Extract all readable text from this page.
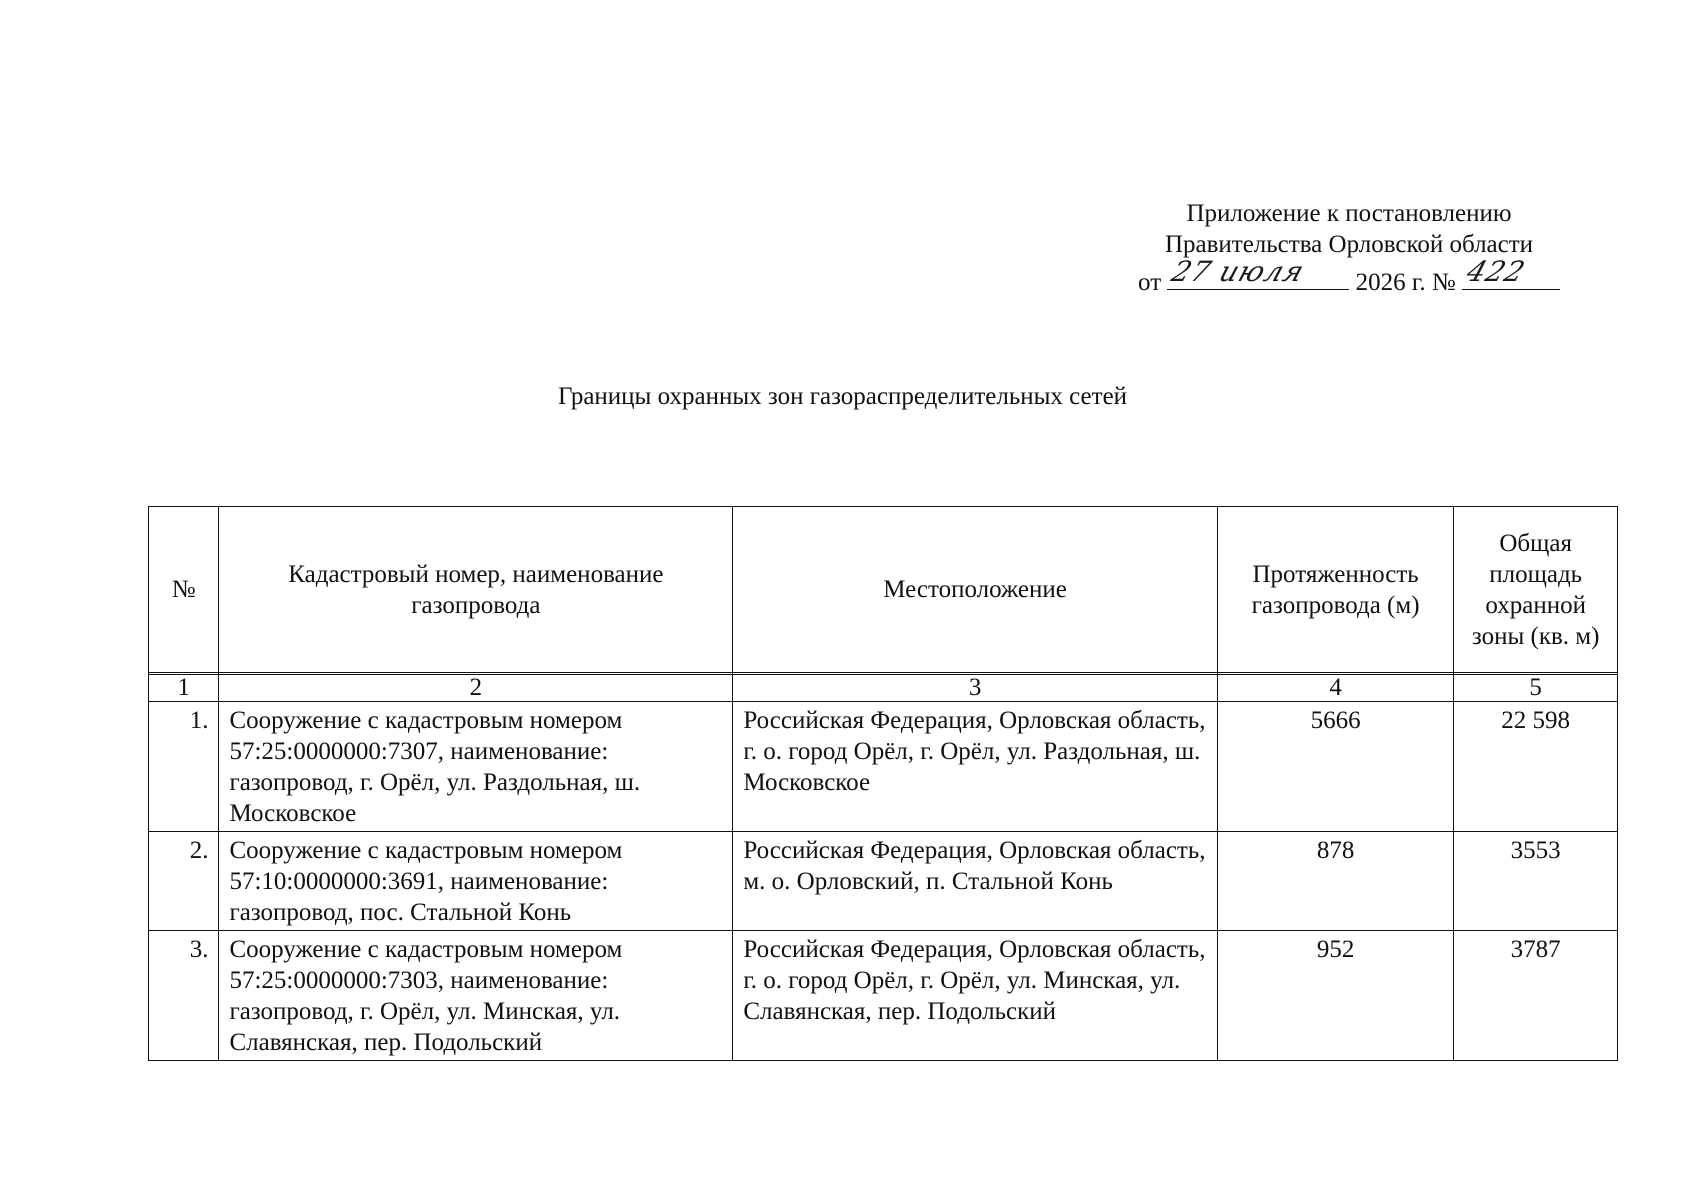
Приложение к постановлению
Правительства Орловской области
от 27 июля 2026 г. № 422
Границы охранных зон газораспределительных сетей
№	Кадастровый номер, наименование газопровода	Местоположение	Протяженность газопровода (м)	Общая площадь охранной зоны (кв. м)

1	2	3	4	5
1.	Сооружение с кадастровым номером 57:25:0000000:7307, наименование: газопровод, г. Орёл, ул. Раздольная, ш. Московское	Российская Федерация, Орловская область, г. о. город Орёл, г. Орёл, ул. Раздольная, ш. Московское	5666	22 598
2.	Сооружение с кадастровым номером 57:10:0000000:3691, наименование: газопровод, пос. Стальной Конь	Российская Федерация, Орловская область, м. о. Орловский, п. Стальной Конь	878	3553
3.	Сооружение с кадастровым номером 57:25:0000000:7303, наименование: газопровод, г. Орёл, ул. Минская, ул. Славянская, пер. Подольский	Российская Федерация, Орловская область, г. о. город Орёл, г. Орёл, ул. Минская, ул. Славянская, пер. Подольский	952	3787
